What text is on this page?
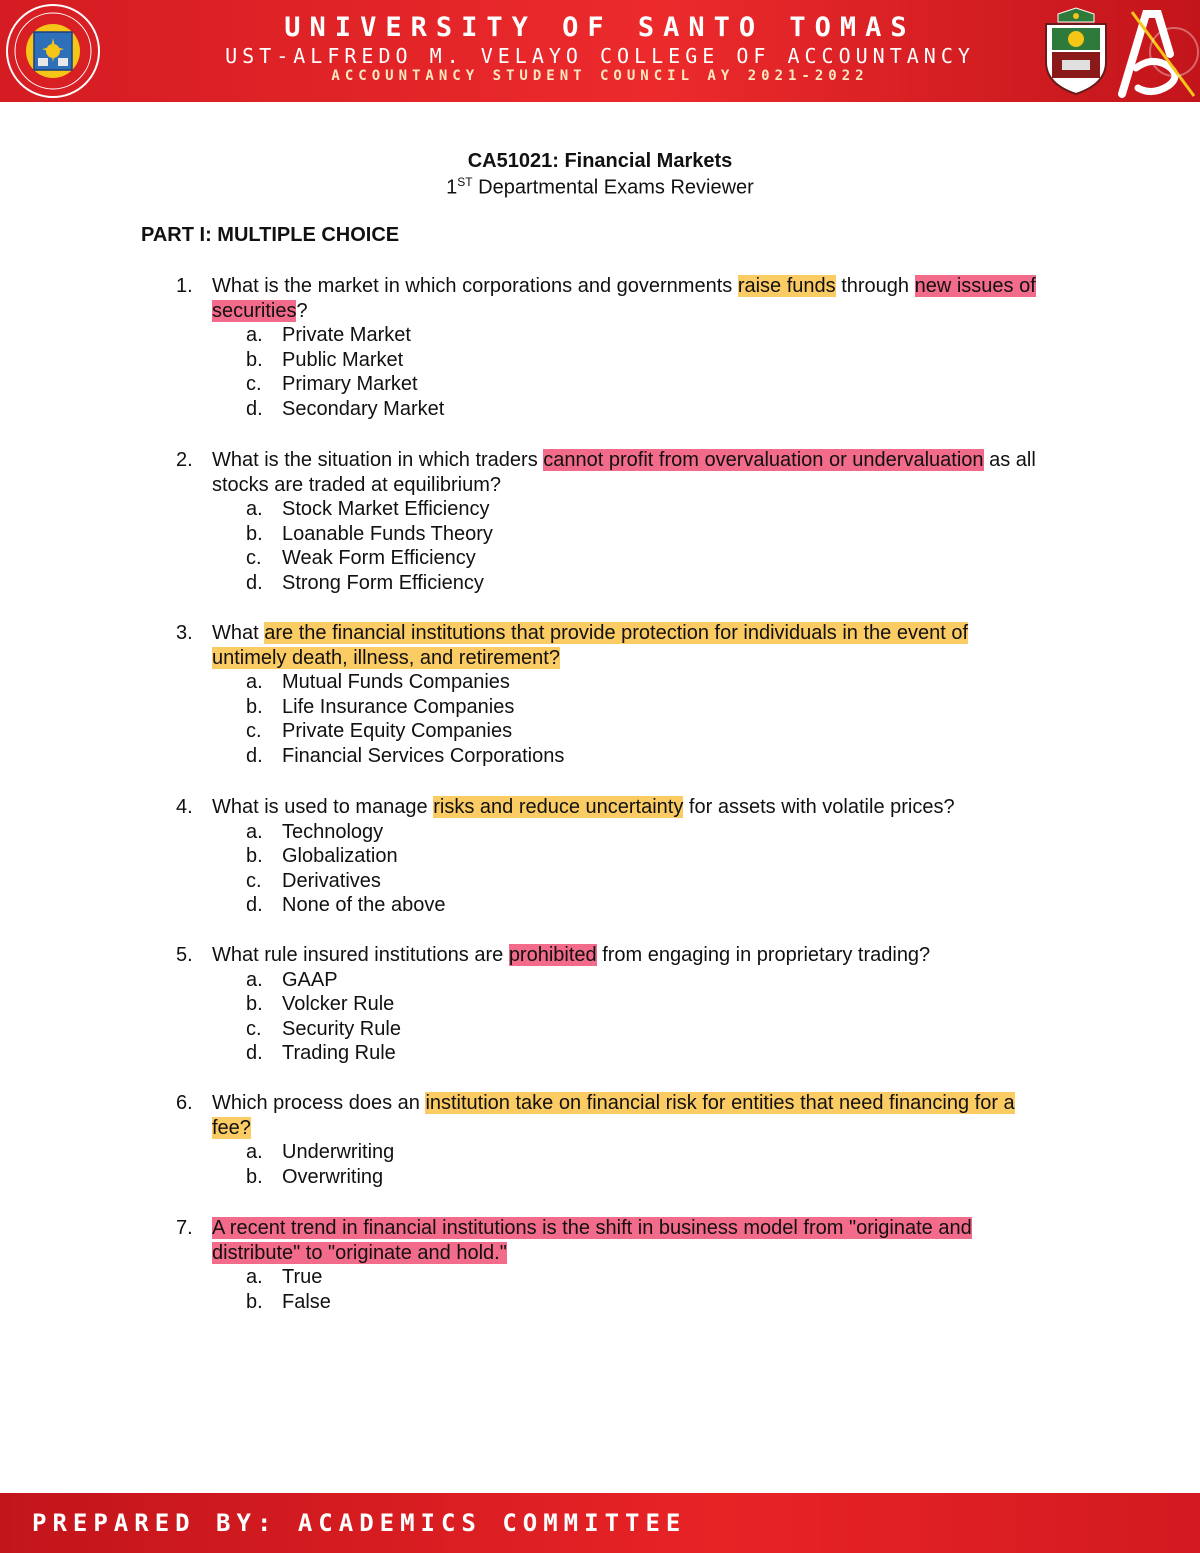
UNIVERSITY OF SANTO TOMAS
UST-ALFREDO M. VELAYO COLLEGE OF ACCOUNTANCY
ACCOUNTANCY STUDENT COUNCIL AY 2021-2022
CA51021: Financial Markets
1ST Departmental Exams Reviewer
PART I: MULTIPLE CHOICE
1. What is the market in which corporations and governments raise funds through new issues of securities?
a. Private Market
b. Public Market
c. Primary Market
d. Secondary Market
2. What is the situation in which traders cannot profit from overvaluation or undervaluation as all stocks are traded at equilibrium?
a. Stock Market Efficiency
b. Loanable Funds Theory
c. Weak Form Efficiency
d. Strong Form Efficiency
3. What are the financial institutions that provide protection for individuals in the event of untimely death, illness, and retirement?
a. Mutual Funds Companies
b. Life Insurance Companies
c. Private Equity Companies
d. Financial Services Corporations
4. What is used to manage risks and reduce uncertainty for assets with volatile prices?
a. Technology
b. Globalization
c. Derivatives
d. None of the above
5. What rule insured institutions are prohibited from engaging in proprietary trading?
a. GAAP
b. Volcker Rule
c. Security Rule
d. Trading Rule
6. Which process does an institution take on financial risk for entities that need financing for a fee?
a. Underwriting
b. Overwriting
7. A recent trend in financial institutions is the shift in business model from "originate and distribute" to "originate and hold."
a. True
b. False
PREPARED BY: ACADEMICS COMMITTEE
